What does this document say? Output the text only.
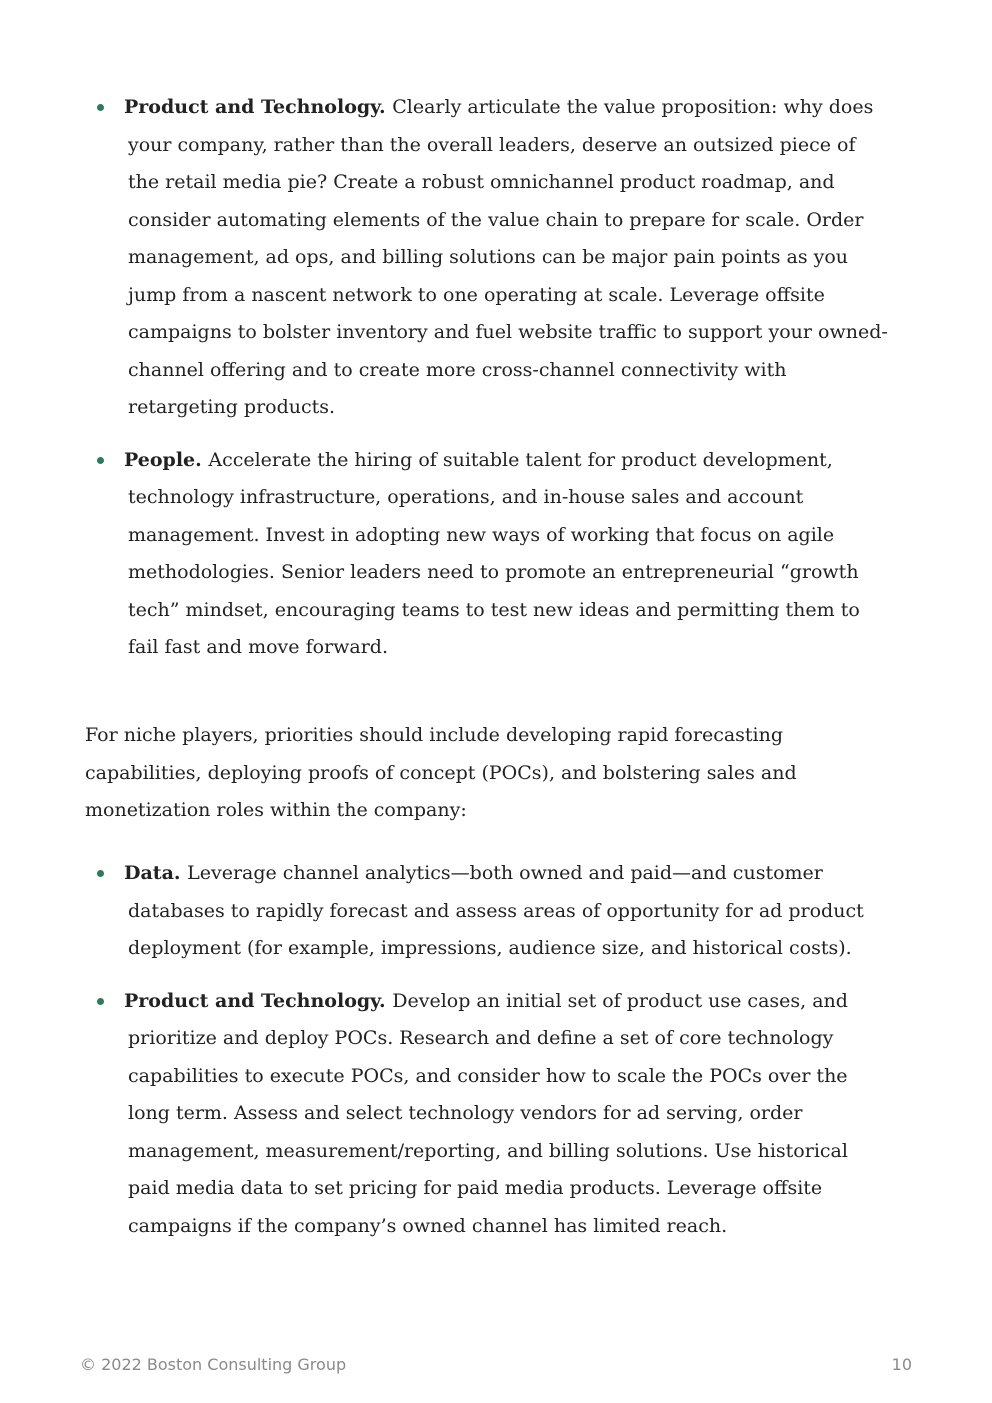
Product and Technology. Clearly articulate the value proposition: why does your company, rather than the overall leaders, deserve an outsized piece of the retail media pie? Create a robust omnichannel product roadmap, and consider automating elements of the value chain to prepare for scale. Order management, ad ops, and billing solutions can be major pain points as you jump from a nascent network to one operating at scale. Leverage offsite campaigns to bolster inventory and fuel website traffic to support your owned-channel offering and to create more cross-channel connectivity with retargeting products.
People. Accelerate the hiring of suitable talent for product development, technology infrastructure, operations, and in-house sales and account management. Invest in adopting new ways of working that focus on agile methodologies. Senior leaders need to promote an entrepreneurial “growth tech” mindset, encouraging teams to test new ideas and permitting them to fail fast and move forward.

For niche players, priorities should include developing rapid forecasting capabilities, deploying proofs of concept (POCs), and bolstering sales and monetization roles within the company:

Data. Leverage channel analytics—both owned and paid—and customer databases to rapidly forecast and assess areas of opportunity for ad product deployment (for example, impressions, audience size, and historical costs).
Product and Technology. Develop an initial set of product use cases, and prioritize and deploy POCs. Research and define a set of core technology capabilities to execute POCs, and consider how to scale the POCs over the long term. Assess and select technology vendors for ad serving, order management, measurement/reporting, and billing solutions. Use historical paid media data to set pricing for paid media products. Leverage offsite campaigns if the company’s owned channel has limited reach.
© 2022 Boston Consulting Group	10
